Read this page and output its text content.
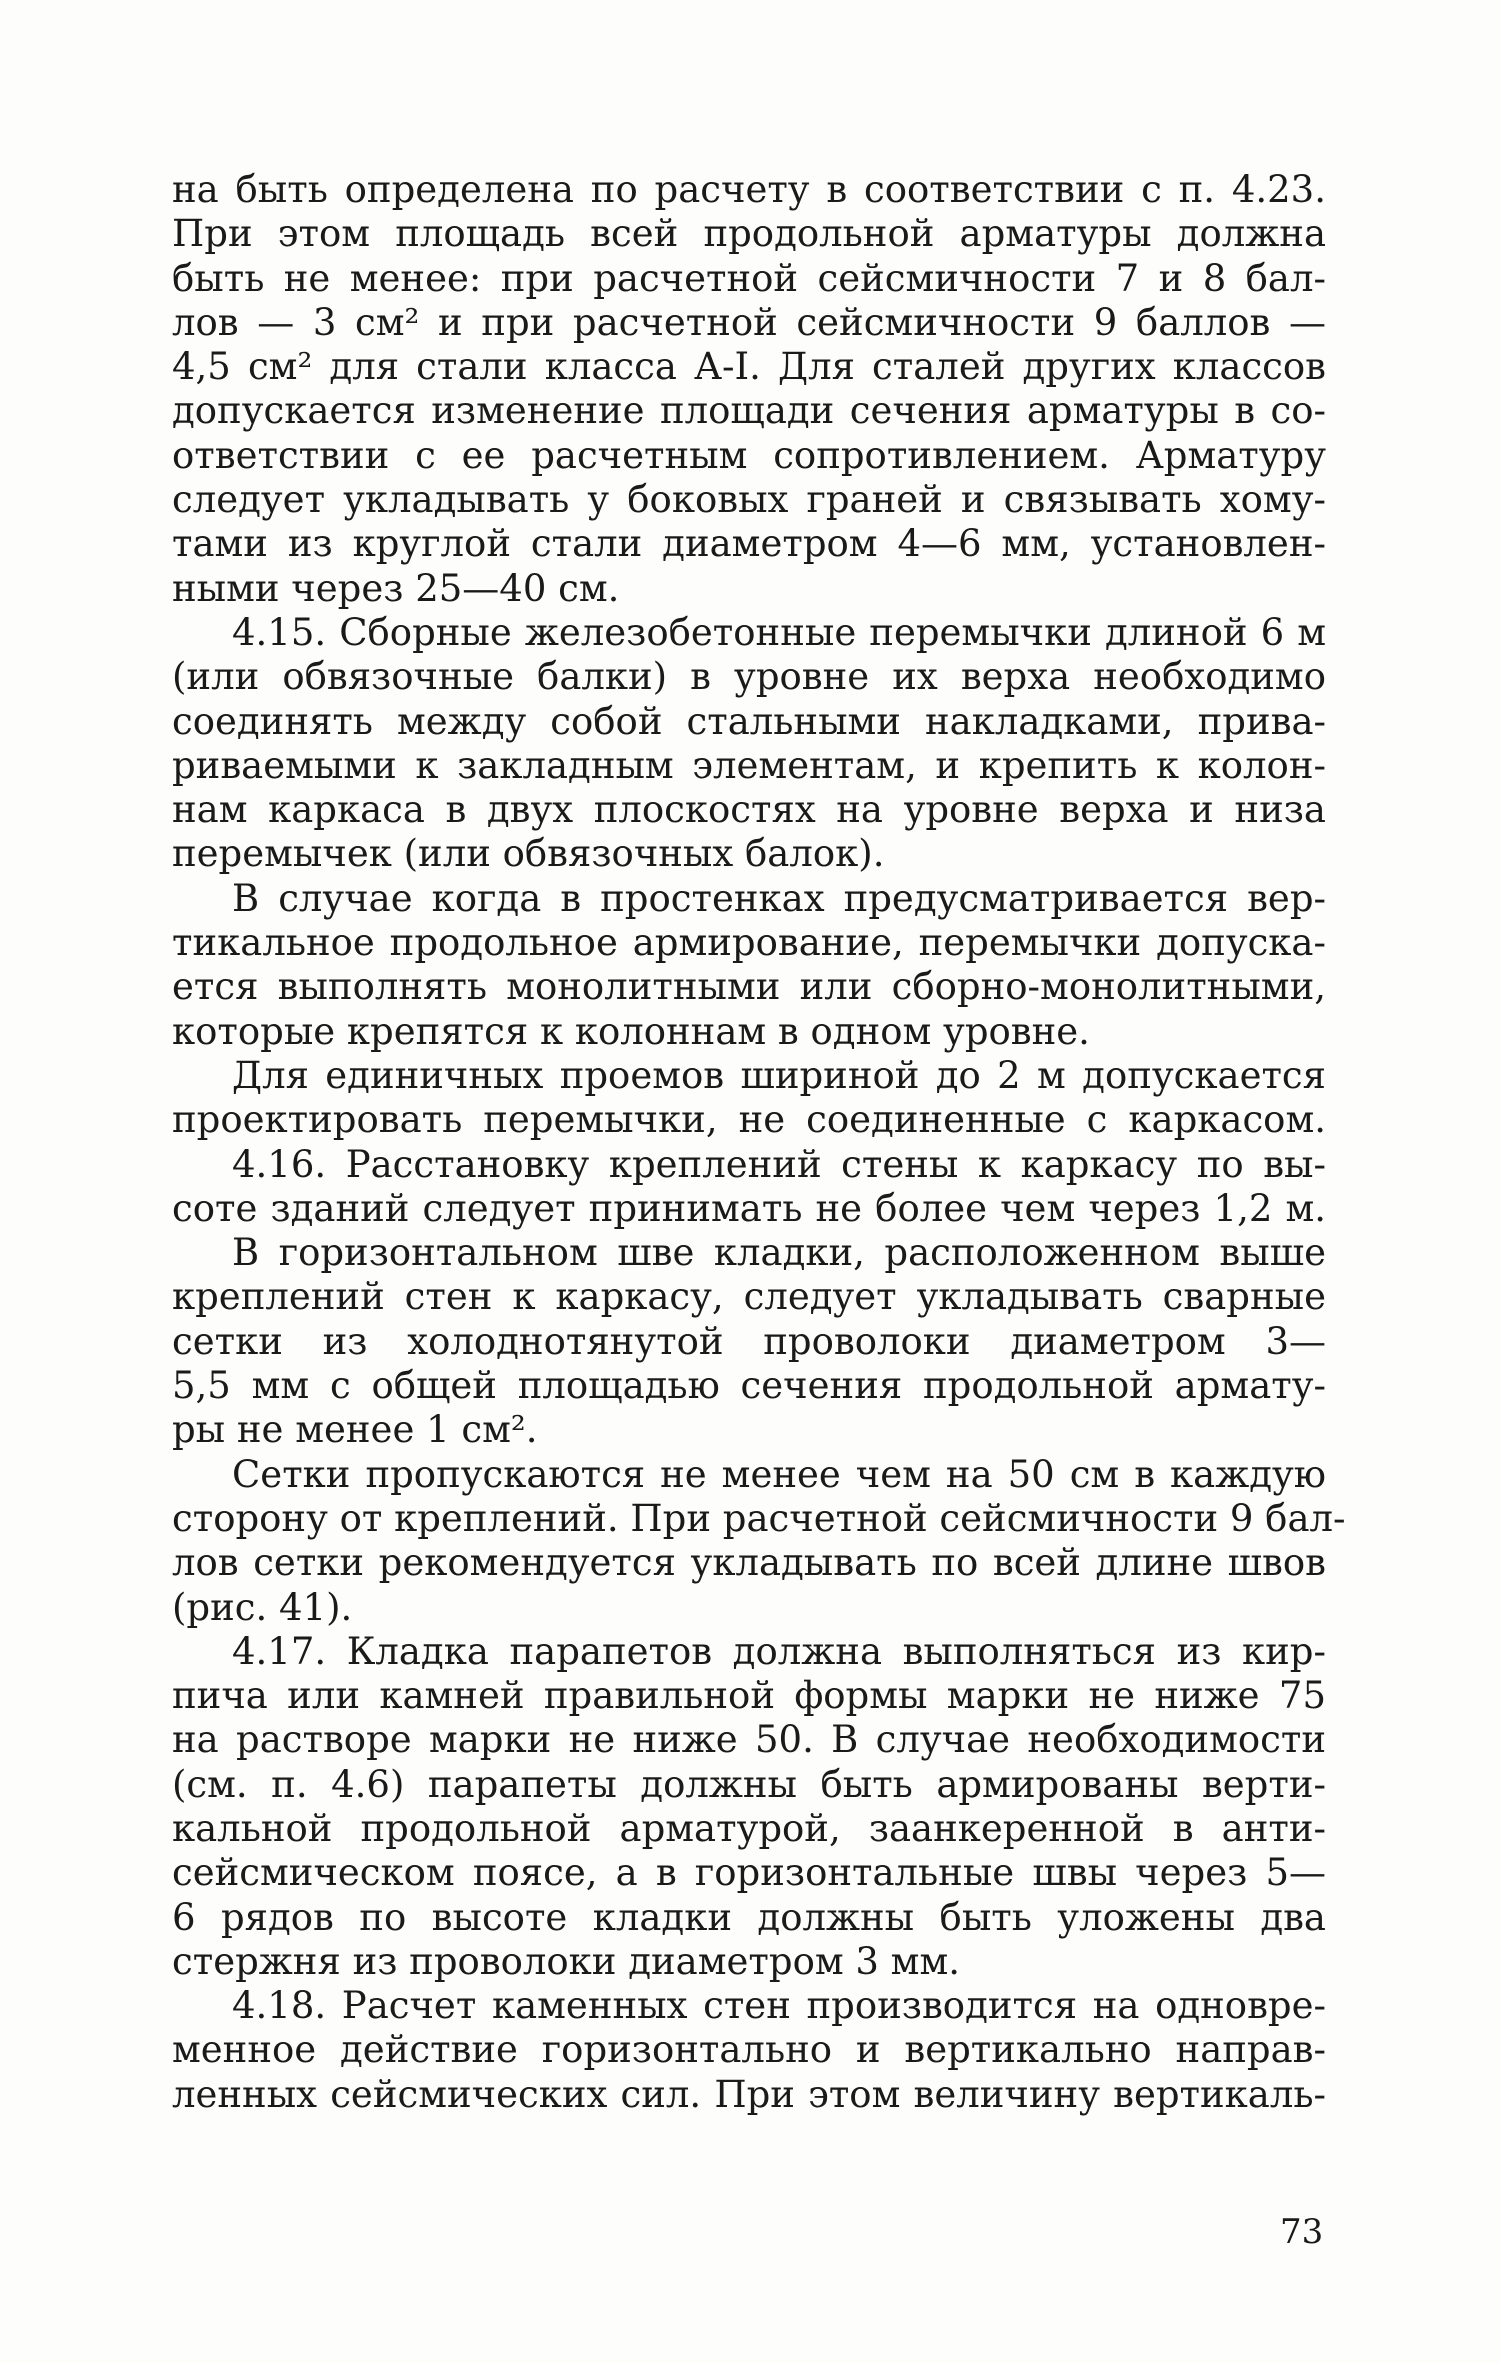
на быть определена по расчету в соответствии с п. 4.23.
При этом площадь всей продольной арматуры должна
быть не менее: при расчетной сейсмичности 7 и 8 бал-
лов — 3 см² и при расчетной сейсмичности 9 баллов —
4,5 см² для стали класса А-I. Для сталей других классов
допускается изменение площади сечения арматуры в со-
ответствии с ее расчетным сопротивлением. Арматуру
следует укладывать у боковых граней и связывать хому-
тами из круглой стали диаметром 4—6 мм, установлен-
ными через 25—40 см.
4.15. Сборные железобетонные перемычки длиной 6 м
(или обвязочные балки) в уровне их верха необходимо
соединять между собой стальными накладками, прива-
риваемыми к закладным элементам, и крепить к колон-
нам каркаса в двух плоскостях на уровне верха и низа
перемычек (или обвязочных балок).
В случае когда в простенках предусматривается вер-
тикальное продольное армирование, перемычки допуска-
ется выполнять монолитными или сборно-монолитными,
которые крепятся к колоннам в одном уровне.
Для единичных проемов шириной до 2 м допускается
проектировать перемычки, не соединенные с каркасом.
4.16. Расстановку креплений стены к каркасу по вы-
соте зданий следует принимать не более чем через 1,2 м.
В горизонтальном шве кладки, расположенном выше
креплений стен к каркасу, следует укладывать сварные
сетки из холоднотянутой проволоки диаметром 3—
5,5 мм с общей площадью сечения продольной армату-
ры не менее 1 см².
Сетки пропускаются не менее чем на 50 см в каждую
сторону от креплений. При расчетной сейсмичности 9 бал-
лов сетки рекомендуется укладывать по всей длине швов
(рис. 41).
4.17. Кладка парапетов должна выполняться из кир-
пича или камней правильной формы марки не ниже 75
на растворе марки не ниже 50. В случае необходимости
(см. п. 4.6) парапеты должны быть армированы верти-
кальной продольной арматурой, заанкеренной в анти-
сейсмическом поясе, а в горизонтальные швы через 5—
6 рядов по высоте кладки должны быть уложены два
стержня из проволоки диаметром 3 мм.
4.18. Расчет каменных стен производится на одновре-
менное действие горизонтально и вертикально направ-
ленных сейсмических сил. При этом величину вертикаль-
73
